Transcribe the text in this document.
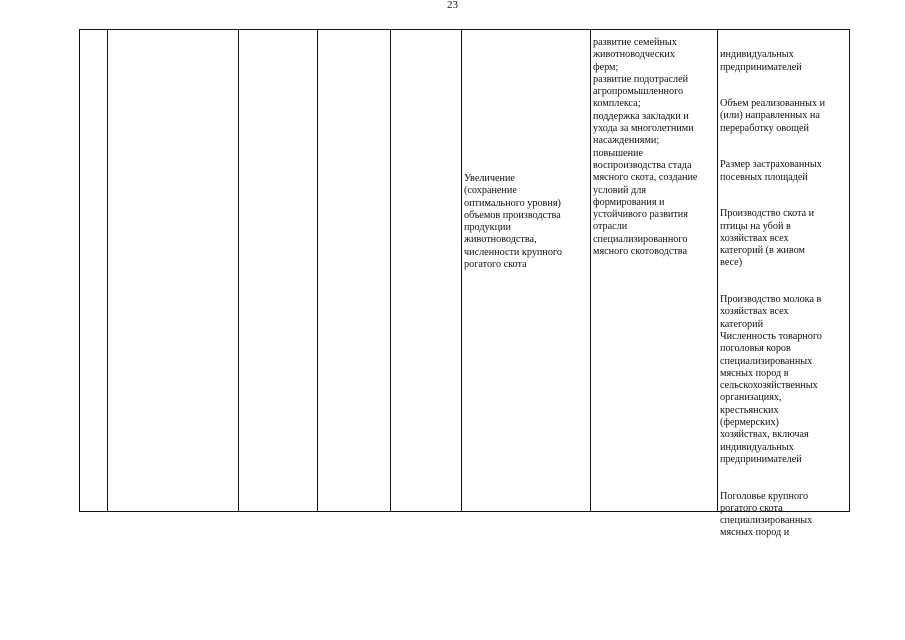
23
Увеличение
(сохранение
оптимального уровня)
объемов производства
продукции
животноводства,
численности крупного
рогатого скота
развитие семейных
животноводческих
ферм;
развитие подотраслей
агропромышленного
комплекса;
поддержка закладки и
ухода за многолетними
насаждениями;
повышение
воспроизводства стада
мясного скота, создание
условий для
формирования и
устойчивого развития
отрасли
специализированного
мясного скотоводства

индивидуальных
предпринимателей

Объем реализованных и
(или) направленных на
переработку овощей

Размер застрахованных
посевных площадей

Производство скота и
птицы на убой в
хозяйствах всех
категорий (в живом
весе)

Производство молока в
хозяйствах всех
категорий
Численность товарного
поголовья коров
специализированных
мясных пород в
сельскохозяйственных
организациях,
крестьянских
(фермерских)
хозяйствах, включая
индивидуальных
предпринимателей

Поголовье крупного
рогатого скота
специализированных
мясных пород и
